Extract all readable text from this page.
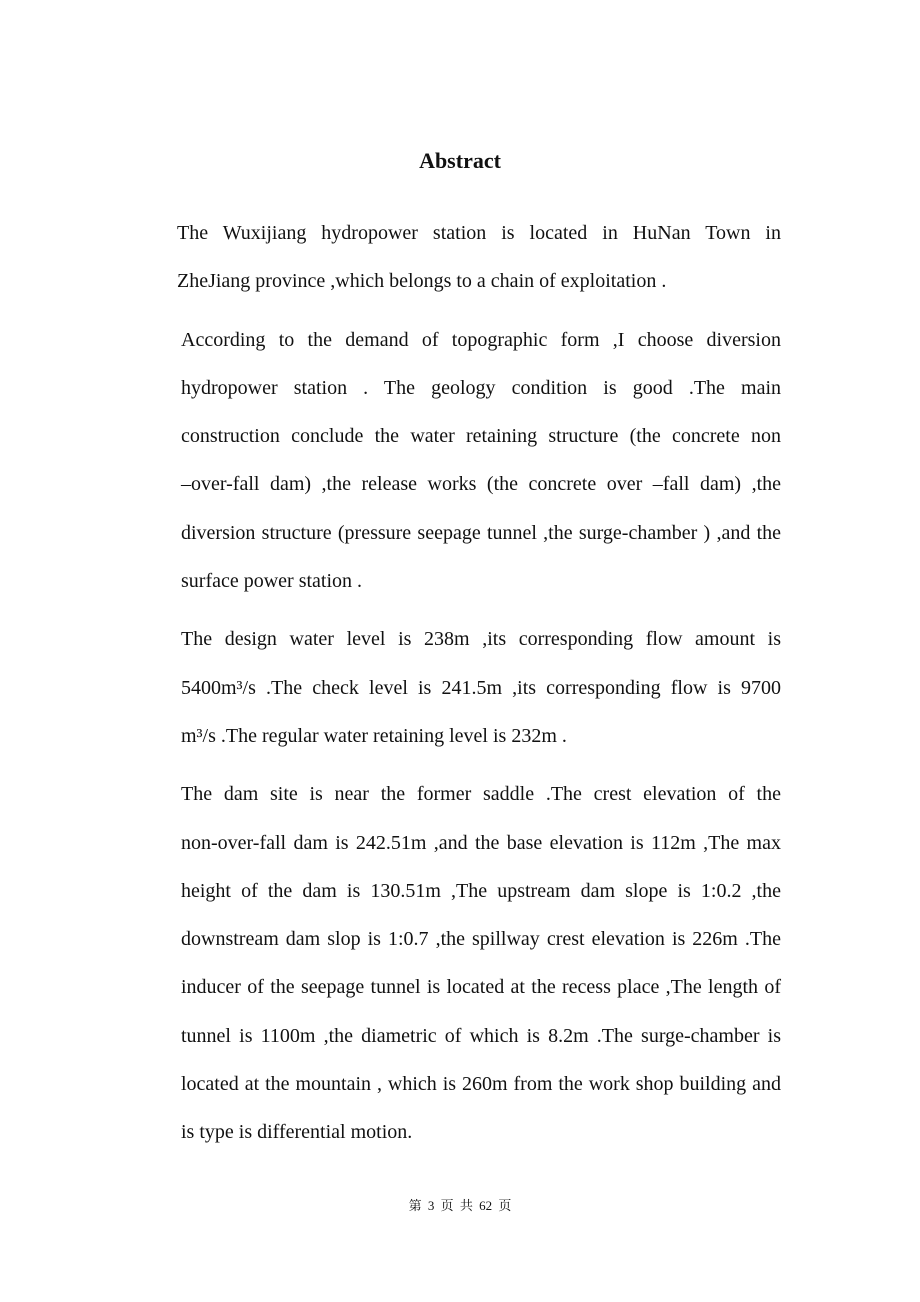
Abstract

The Wuxijiang hydropower station is located in HuNan Town in
ZheJiang province ,which belongs to a chain of exploitation .

According to the demand of topographic form ,I choose diversion
hydropower station . The geology condition is good .The main
construction conclude the water retaining structure (the concrete non
–over-fall dam) ,the release works (the concrete over –fall dam) ,the
diversion structure (pressure seepage tunnel ,the surge-chamber ) ,and the
surface power station .

The design water level is 238m ,its corresponding flow amount is
5400m³/s .The check level is 241.5m ,its corresponding flow is 9700
m³/s .The regular water retaining level is 232m .

The dam site is near the former saddle .The crest elevation of the
non-over-fall dam is 242.51m ,and the base elevation is 112m ,The max
height of the dam is 130.51m ,The upstream dam slope is 1:0.2 ,the
downstream dam slop is 1:0.7 ,the spillway crest elevation is 226m .The
inducer of the seepage tunnel is located at the recess place ,The length of
tunnel is 1100m ,the diametric of which is 8.2m .The surge-chamber is
located at the mountain , which is 260m from the work shop building and
is type is differential motion.

第 3 页 共 62 页
